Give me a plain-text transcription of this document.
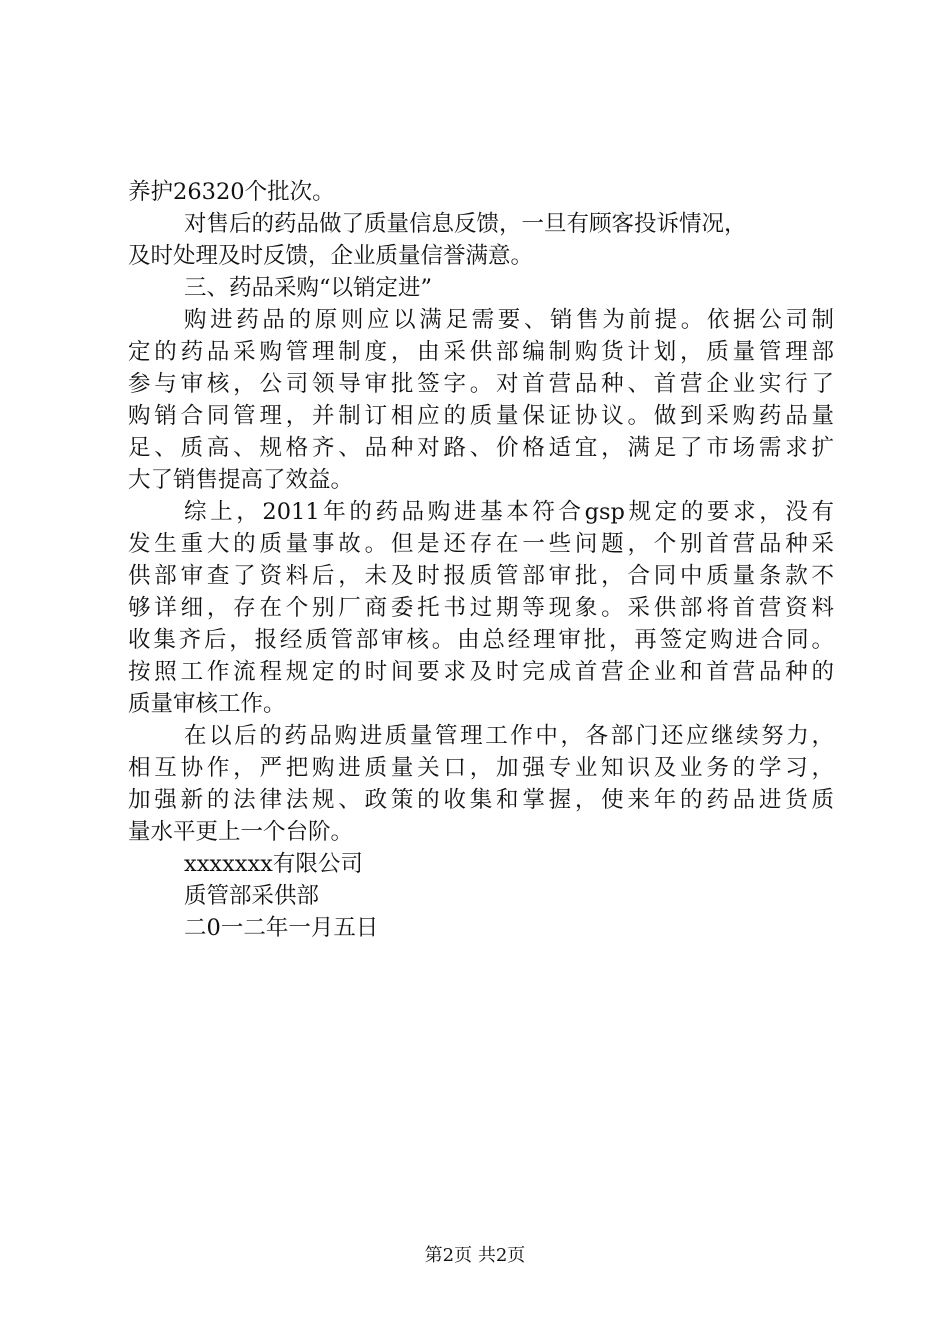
养护26320个批次。
对售后的药品做了质量信息反馈，一旦有顾客投诉情况，
及时处理及时反馈，企业质量信誉满意。
三、药品采购“以销定进”
购进药品的原则应以满足需要、销售为前提。依据公司制
定的药品采购管理制度，由采供部编制购货计划，质量管理部
参与审核，公司领导审批签字。对首营品种、首营企业实行了
购销合同管理，并制订相应的质量保证协议。做到采购药品量
足、质高、规格齐、品种对路、价格适宜，满足了市场需求扩
大了销售提高了效益。
综上，2011年的药品购进基本符合gsp规定的要求，没有
发生重大的质量事故。但是还存在一些问题，个别首营品种采
供部审查了资料后，未及时报质管部审批，合同中质量条款不
够详细，存在个别厂商委托书过期等现象。采供部将首营资料
收集齐后，报经质管部审核。由总经理审批，再签定购进合同。
按照工作流程规定的时间要求及时完成首营企业和首营品种的
质量审核工作。
在以后的药品购进质量管理工作中，各部门还应继续努力，
相互协作，严把购进质量关口，加强专业知识及业务的学习，
加强新的法律法规、政策的收集和掌握，使来年的药品进货质
量水平更上一个台阶。
xxxxxxx有限公司
质管部采供部
二0一二年一月五日
第2页 共2页
